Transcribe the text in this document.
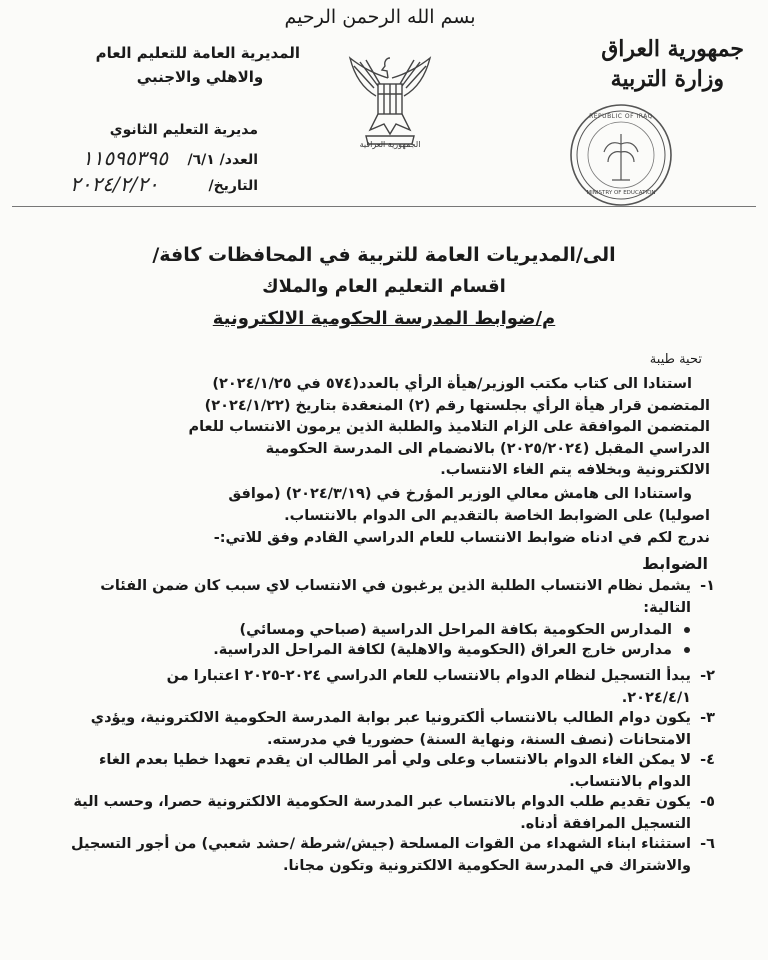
بسم الله الرحمن الرحيم
جمهورية العراق
وزارة التربية
المديرية العامة للتعليم العام
والاهلي والاجنبي
مديرية التعليم الثانوي
العدد/ ٦/١/
١١٥٩٥٣٩٥
التاريخ/
٢٠٢٤/٢/٢٠
الجمهورية العراقية
REPUBLIC OF IRAQ
MINISTRY OF EDUCATION
الى/المديريات العامة للتربية في المحافظات كافة/
اقسام التعليم العام والملاك
م/ضوابط المدرسة الحكومية الالكترونية
تحية طيبة
استنادا الى كتاب مكتب الوزير/هيأة الرأي بالعدد(٥٧٤ في ٢٠٢٤/١/٢٥)
المتضمن قرار هيأة الرأي بجلستها رقم (٢) المنعقدة بتاريخ (٢٠٢٤/١/٢٢)
المتضمن الموافقة على الزام التلاميذ والطلبة الذين يرمون الانتساب للعام
الدراسي المقبل (٢٠٢٥/٢٠٢٤) بالانضمام الى المدرسة الحكومية
الالكترونية وبخلافه يتم الغاء الانتساب.
واستنادا الى هامش معالي الوزير المؤرخ في (٢٠٢٤/٣/١٩) (موافق
اصوليا) على الضوابط الخاصة بالتقديم الى الدوام بالانتساب.
ندرج لكم في ادناه ضوابط الانتساب للعام الدراسي القادم وفق للاتي:-
الضوابط
١-يشمل نظام الانتساب الطلبة الذين يرغبون في الانتساب لاي سبب كان ضمن الفئات
التالية:
المدارس الحكومية بكافة المراحل الدراسية (صباحي ومسائي)
مدارس خارج العراق (الحكومية والاهلية) لكافة المراحل الدراسية.
٢-يبدأ التسجيل لنظام الدوام بالانتساب للعام الدراسي ٢٠٢٤-٢٠٢٥ اعتبارا من
٢٠٢٤/٤/١.
٣-يكون دوام الطالب بالانتساب ألكترونيا عبر بوابة المدرسة الحكومية الالكترونية، ويؤدي
الامتحانات (نصف السنة، ونهاية السنة) حضوريا في مدرسته.
٤-لا يمكن الغاء الدوام بالانتساب وعلى ولي أمر الطالب ان يقدم تعهدا خطيا بعدم الغاء
الدوام بالانتساب.
٥-يكون تقديم طلب الدوام بالانتساب عبر المدرسة الحكومية الالكترونية حصرا، وحسب الية
التسجيل المرافقة أدناه.
٦-استثناء ابناء الشهداء من القوات المسلحة (جيش/شرطة /حشد شعبي) من أجور التسجيل
والاشتراك في المدرسة الحكومية الالكترونية وتكون مجانا.
